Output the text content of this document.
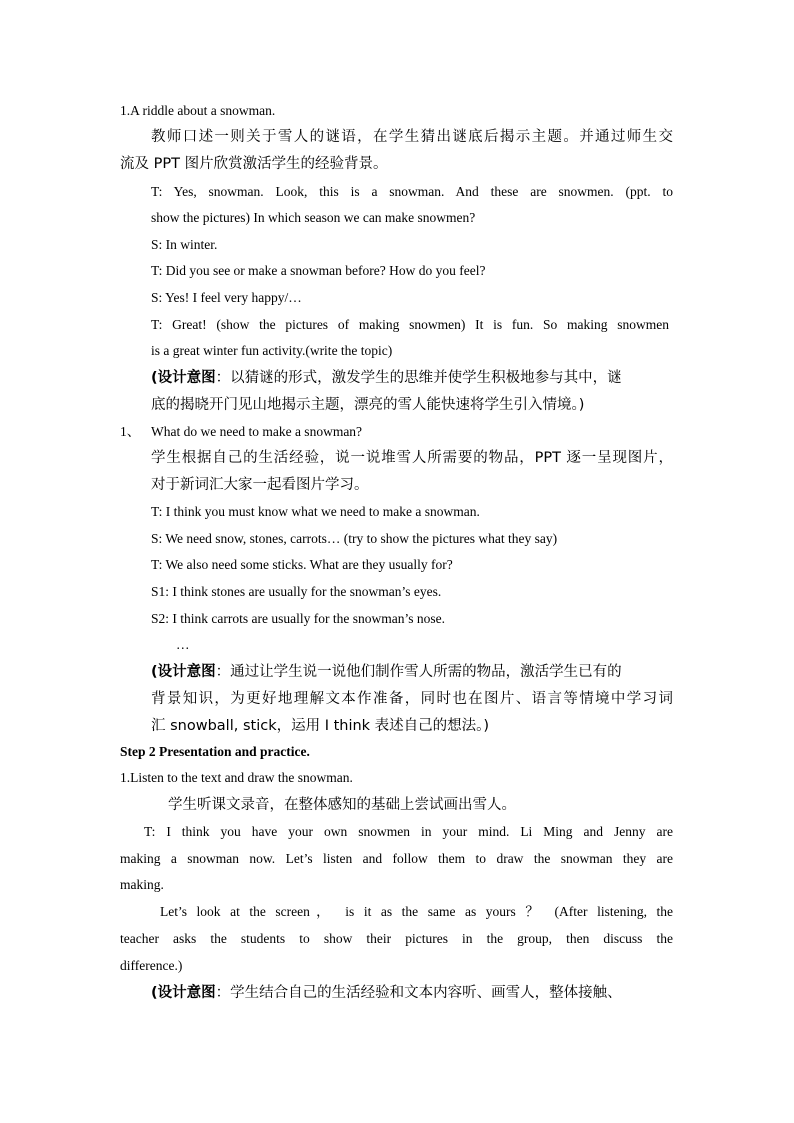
1.A riddle about a snowman.
教师口述一则关于雪人的谜语，在学生猜出谜底后揭示主题。并通过师生交
流及 PPT 图片欣赏激活学生的经验背景。
T: Yes, snowman. Look, this is a snowman. And these are snowmen. (ppt. to
show the pictures) In which season we can make snowmen?
S: In winter.
T: Did you see or make a snowman before? How do you feel?
S: Yes! I feel very happy/…
T: Great! (show the pictures of making snowmen) It is fun. So making snowmen
is a great winter fun activity.(write the topic)
(设计意图：以猜谜的形式，激发学生的思维并使学生积极地参与其中，谜
底的揭晓开门见山地揭示主题，漂亮的雪人能快速将学生引入情境。)
1、 What do we need to make a snowman?
学生根据自己的生活经验，说一说堆雪人所需要的物品，PPT 逐一呈现图片，
对于新词汇大家一起看图片学习。
T: I think you must know what we need to make a snowman.
S: We need snow, stones, carrots… (try to show the pictures what they say)
T: We also need some sticks. What are they usually for?
S1: I think stones are usually for the snowman’s eyes.
S2: I think carrots are usually for the snowman’s nose.
…
(设计意图：通过让学生说一说他们制作雪人所需的物品，激活学生已有的
背景知识，为更好地理解文本作准备，同时也在图片、语言等情境中学习词
汇 snowball, stick，运用 I think 表述自己的想法。)
Step 2 Presentation and practice.
1.Listen to the text and draw the snowman.
学生听课文录音，在整体感知的基础上尝试画出雪人。
T: I think you have your own snowmen in your mind. Li Ming and Jenny are
making a snowman now. Let’s listen and follow them to draw the snowman they are
making.
Let’s look at the screen， is it as the same as yours ？ (After listening, the
teacher asks the students to show their pictures in the group, then discuss the
difference.)
(设计意图：学生结合自己的生活经验和文本内容听、画雪人，整体接触、
